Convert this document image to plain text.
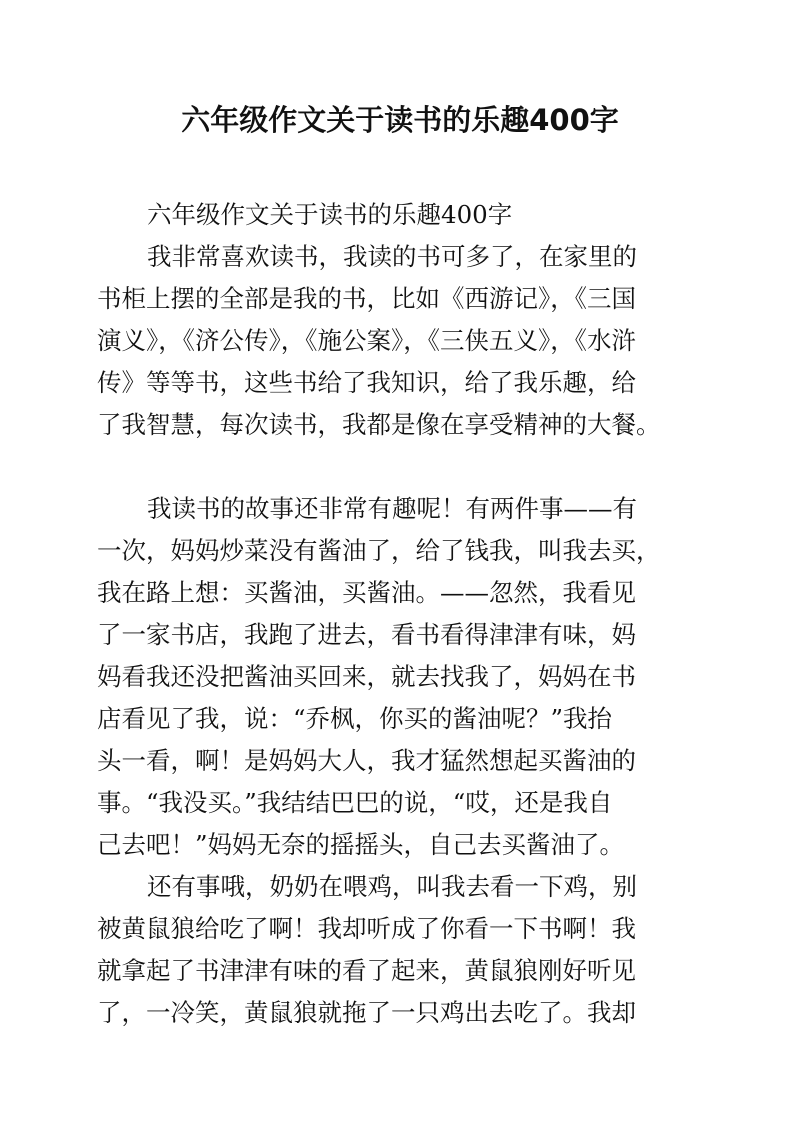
六年级作文关于读书的乐趣400字
六年级作文关于读书的乐趣400字
我非常喜欢读书，我读的书可多了，在家里的
书柜上摆的全部是我的书，比如《西游记》，《三国
演义》，《济公传》，《施公案》，《三侠五义》，《水浒
传》等等书，这些书给了我知识，给了我乐趣，给
了我智慧，每次读书，我都是像在享受精神的大餐。
我读书的故事还非常有趣呢！有两件事——有
一次，妈妈炒菜没有酱油了，给了钱我，叫我去买，
我在路上想：买酱油，买酱油。——忽然，我看见
了一家书店，我跑了进去，看书看得津津有味，妈
妈看我还没把酱油买回来，就去找我了，妈妈在书
店看见了我，说：“乔枫，你买的酱油呢？”我抬
头一看，啊！是妈妈大人，我才猛然想起买酱油的
事。“我没买。”我结结巴巴的说，“哎，还是我自
己去吧！”妈妈无奈的摇摇头，自己去买酱油了。
还有事哦，奶奶在喂鸡，叫我去看一下鸡，别
被黄鼠狼给吃了啊！我却听成了你看一下书啊！我
就拿起了书津津有味的看了起来，黄鼠狼刚好听见
了，一冷笑，黄鼠狼就拖了一只鸡出去吃了。我却
